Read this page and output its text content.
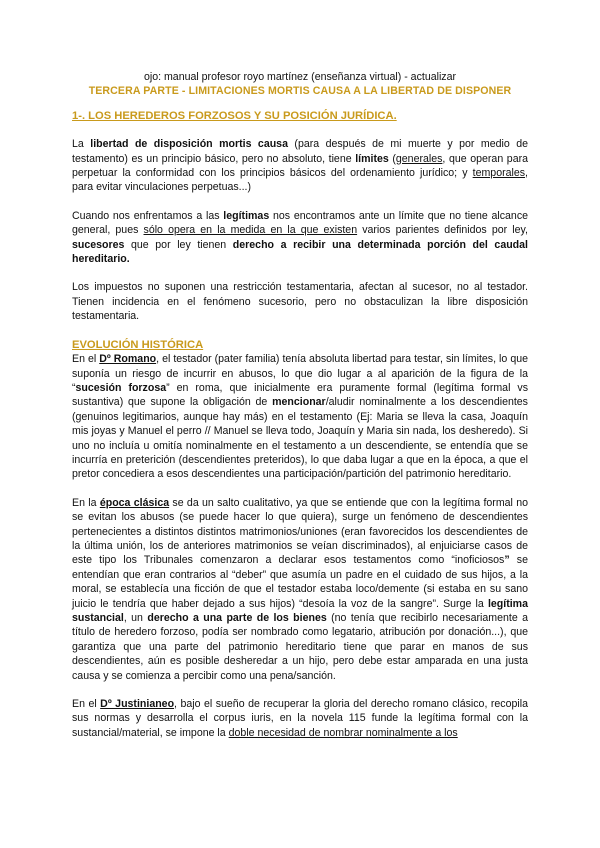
ojo: manual profesor royo martínez (enseñanza virtual) - actualizar

TERCERA PARTE - LIMITACIONES MORTIS CAUSA A LA LIBERTAD DE DISPONER

1-. LOS HEREDEROS FORZOSOS Y SU POSICIÓN JURÍDICA.

La libertad de disposición mortis causa (para después de mi muerte y por medio de testamento) es un principio básico, pero no absoluto, tiene límites (generales, que operan para perpetuar la conformidad con los principios básicos del ordenamiento jurídico; y temporales, para evitar vinculaciones perpetuas...)

Cuando nos enfrentamos a las legítimas nos encontramos ante un límite que no tiene alcance general, pues sólo opera en la medida en la que existen varios parientes definidos por ley, sucesores que por ley tienen derecho a recibir una determinada porción del caudal hereditario.

Los impuestos no suponen una restricción testamentaria, afectan al sucesor, no al testador. Tienen incidencia en el fenómeno sucesorio, pero no obstaculizan la libre disposición testamentaria.

EVOLUCIÓN HISTÓRICA

En el Dº Romano, el testador (pater familia) tenía absoluta libertad para testar, sin límites, lo que suponía un riesgo de incurrir en abusos, lo que dio lugar a al aparición de la figura de la “sucesión forzosa” en roma, que inicialmente era puramente formal (legítima formal vs sustantiva) que supone la obligación de mencionar/aludir nominalmente a los descendientes (genuinos legitimarios, aunque hay más) en el testamento (Ej: Maria se lleva la casa, Joaquín mis joyas y Manuel el perro // Manuel se lleva todo, Joaquín y Maria sin nada, los desheredo). Si uno no incluía u omitía nominalmente en el testamento a un descendiente, se entendía que se incurría en preterición (descendientes preteridos), lo que daba lugar a que en la época, a que el pretor concediera a esos descendientes una participación/partición del patrimonio hereditario.

En la época clásica se da un salto cualitativo, ya que se entiende que con la legítima formal no se evitan los abusos (se puede hacer lo que quiera), surge un fenómeno de descendientes pertenecientes a distintos distintos matrimonios/uniones (eran favorecidos los descendientes de la última unión, los de anteriores matrimonios se veían discriminados), al enjuiciarse casos de este tipo los Tribunales comenzaron a declarar esos testamentos como “inoficiosos” se entendían que eran contrarios al “deber” que asumía un padre en el cuidado de sus hijos, a la moral, se establecía una ficción de que el testador estaba loco/demente (si estaba en su sano juicio le tendría que haber dejado a sus hijos) “desoía la voz de la sangre”. Surge la legítima sustancial, un derecho a una parte de los bienes (no tenía que recibirlo necesariamente a título de heredero forzoso, podía ser nombrado como legatario, atribución por donación...), que garantiza que una parte del patrimonio hereditario tiene que parar en manos de sus descendientes, aún es posible desheredar a un hijo, pero debe estar amparada en una justa causa y se comienza a percibir como una pena/sanción.

En el Dº Justinianeo, bajo el sueño de recuperar la gloria del derecho romano clásico, recopila sus normas y desarrolla el corpus iuris, en la novela 115 funde la legítima formal con la sustancial/material, se impone la doble necesidad de nombrar nominalmente a los
